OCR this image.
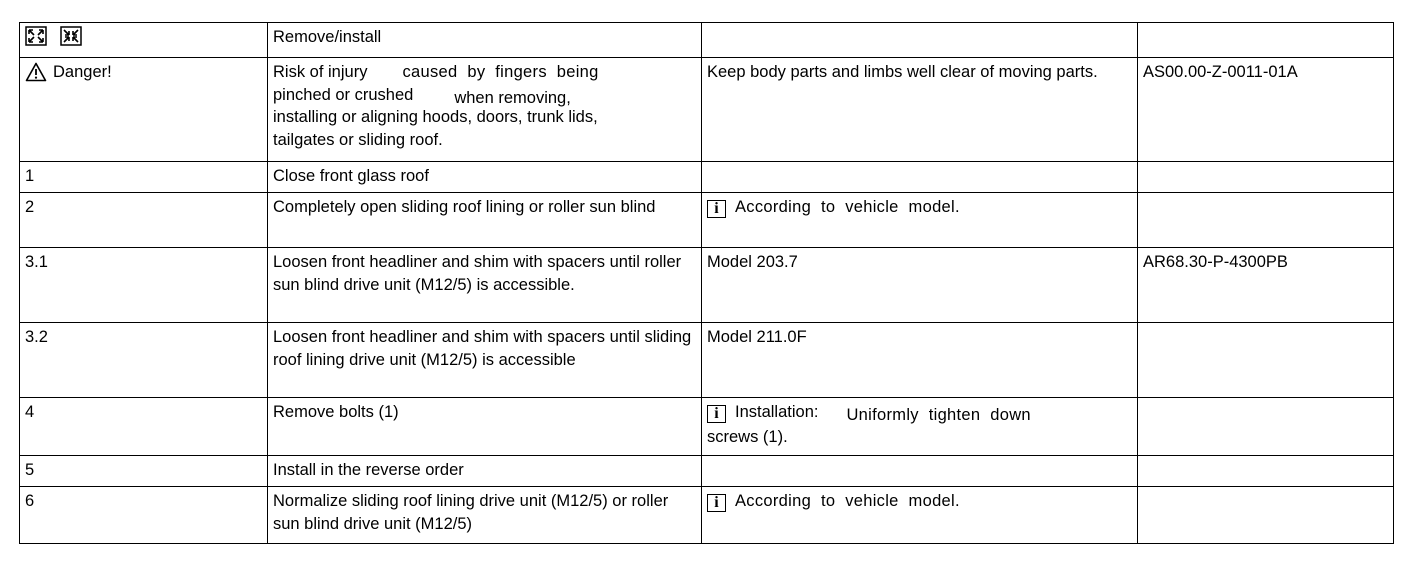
	Remove/install		

Danger!	Risk of injury caused by fingers being
pinched or crushed when removing,
installing or aligning hoods, doors, trunk lids,
tailgates or sliding roof.	Keep body parts and limbs well clear of moving parts.	AS00.00-Z-0011-01A
1	Close front glass roof		
2	Completely open sliding roof lining or roller sun blind	i According to vehicle model.	
3.1	Loosen front headliner and shim with spacers until roller sun blind drive unit (M12/5) is accessible.	Model 203.7	AR68.30-P-4300PB
3.2	Loosen front headliner and shim with spacers until sliding roof lining drive unit (M12/5) is accessible	Model 211.0F	
4	Remove bolts (1)	i Installation: Uniformly tighten down
screws (1).	

5	Install in the reverse order		
6	Normalize sliding roof lining drive unit (M12/5) or roller sun blind drive unit (M12/5)	i According to vehicle model.	
